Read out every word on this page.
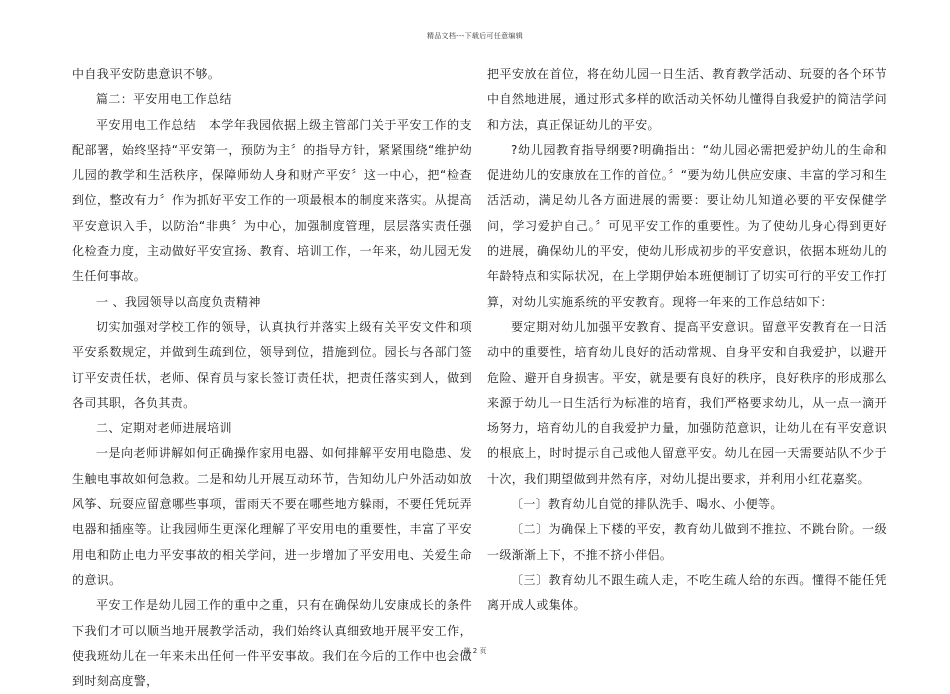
精品文档---下载后可任意编辑

中自我平安防患意识不够。

篇二：平安用电工作总结

平安用电工作总结　本学年我园依据上级主管部门关于平安工作的支配部署，始终坚持“平安第一，预防为主〞的指导方针，紧紧围绕“维护幼儿园的教学和生活秩序，保障师幼人身和财产平安〞这一中心，把“检查到位，整改有力〞作为抓好平安工作的一项最根本的制度来落实。从提高平安意识入手，以防治“非典〞为中心，加强制度管理，层层落实责任强化检查力度，主动做好平安宣扬、教育、培训工作，一年来，幼儿园无发生任何事故。

一 、我园领导以高度负责精神

切实加强对学校工作的领导，认真执行并落实上级有关平安文件和项平安系数规定，并做到生疏到位，领导到位，措施到位。园长与各部门签订平安责任状，老师、保育员与家长签订责任状，把责任落实到人，做到各司其职，各负其责。

二、定期对老师进展培训

一是向老师讲解如何正确操作家用电器、如何排解平安用电隐患、发生触电事故如何急救。二是和幼儿开展互动环节，告知幼儿户外活动如放风筝、玩耍应留意哪些事项，雷雨天不要在哪些地方躲雨，不要任凭玩弄电器和插座等。让我园师生更深化理解了平安用电的重要性，丰富了平安用电和防止电力平安事故的相关学问，进一步增加了平安用电、关爱生命的意识。

平安工作是幼儿园工作的重中之重，只有在确保幼儿安康成长的条件下我们才可以顺当地开展教学活动，我们始终认真细致地开展平安工作，使我班幼儿在一年来未出任何一件平安事故。我们在今后的工作中也会做到时刻高度警，

把平安放在首位，将在幼儿园一日生活、教育教学活动、玩耍的各个环节中自然地进展，通过形式多样的欧活动关怀幼儿懂得自我爱护的简洁学问和方法，真正保证幼儿的平安。

?幼儿园教育指导纲要?明确指出：“幼儿园必需把爱护幼儿的生命和促进幼儿的安康放在工作的首位。〞“要为幼儿供应安康、丰富的学习和生活活动，满足幼儿各方面进展的需要：要让幼儿知道必要的平安保健学问，学习爱护自己。〞可见平安工作的重要性。为了使幼儿身心得到更好的进展，确保幼儿的平安，使幼儿形成初步的平安意识，依据本班幼儿的年龄特点和实际状况，在上学期伊始本班便制订了切实可行的平安工作打算，对幼儿实施系统的平安教育。现将一年来的工作总结如下：

要定期对幼儿加强平安教育、提高平安意识。留意平安教育在一日活动中的重要性，培育幼儿良好的活动常规、自身平安和自我爱护，以避开危险、避开自身损害。平安，就是要有良好的秩序，良好秩序的形成那么来源于幼儿一日生活行为标准的培育，我们严格要求幼儿，从一点一滴开场努力，培育幼儿的自我爱护力量，加强防范意识，让幼儿在有平安意识的根底上，时时提示自己或他人留意平安。幼儿在园一天需要站队不少于十次，我们期望做到井然有序，对幼儿提出要求，并利用小红花嘉奖。

〔一〕教育幼儿自觉的排队洗手、喝水、小便等。

〔二〕为确保上下楼的平安，教育幼儿做到不推拉、不跳台阶。一级一级渐渐上下，不推不挤小伴侣。

〔三〕教育幼儿不跟生疏人走，不吃生疏人给的东西。懂得不能任凭离开成人或集体。

第 2 页
